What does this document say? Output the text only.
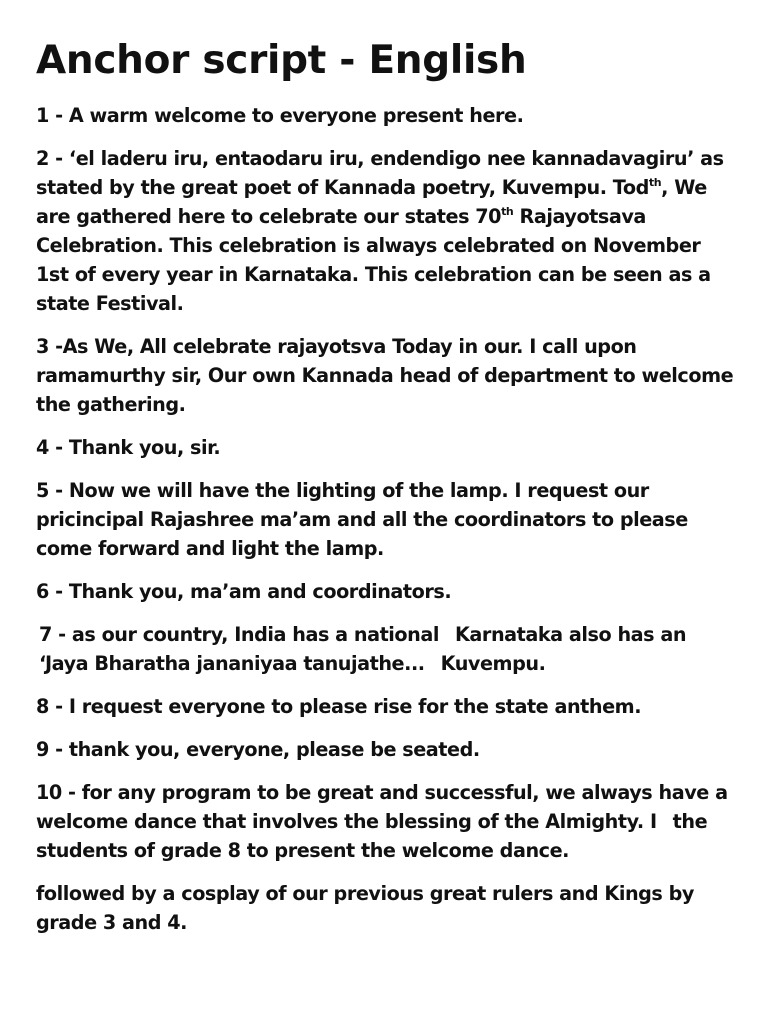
Anchor script - English

1 - A warm welcome to everyone present here.

2 - ‘el laderu iru, entaodaru iru, endendigo nee kannadavagiru’ as stated by the great poet of Kannada poetry, Kuvempu. Tod$^{th}$, We are gathered here to celebrate our states 70th Rajayotsava Celebration. This celebration is always celebrated on November 1st of every year in Karnataka. This celebration can be seen as a state Festival.

3 -As We, All celebrate rajayotsva Today in our. I call upon ramamurthy sir, Our own Kannada head of department to welcome the gathering.

4 - Thank you, sir.

5 - Now we will have the lighting of the lamp. I request our pricincipal Rajashree ma’am and all the coordinators to please come forward and light the lamp.

6 - Thank you, ma’am and coordinators.

7 - as our country, India has a national Karnataka also has an ‘Jaya Bharatha jananiyaa tanujathe... Kuvempu.

8 - I request everyone to please rise for the state anthem.

9 - thank you, everyone, please be seated.

10 - for any program to be great and successful, we always have a welcome dance that involves the blessing of the Almighty. I the students of grade 8 to present the welcome dance.

followed by a cosplay of our previous great rulers and Kings by grade 3 and 4.
